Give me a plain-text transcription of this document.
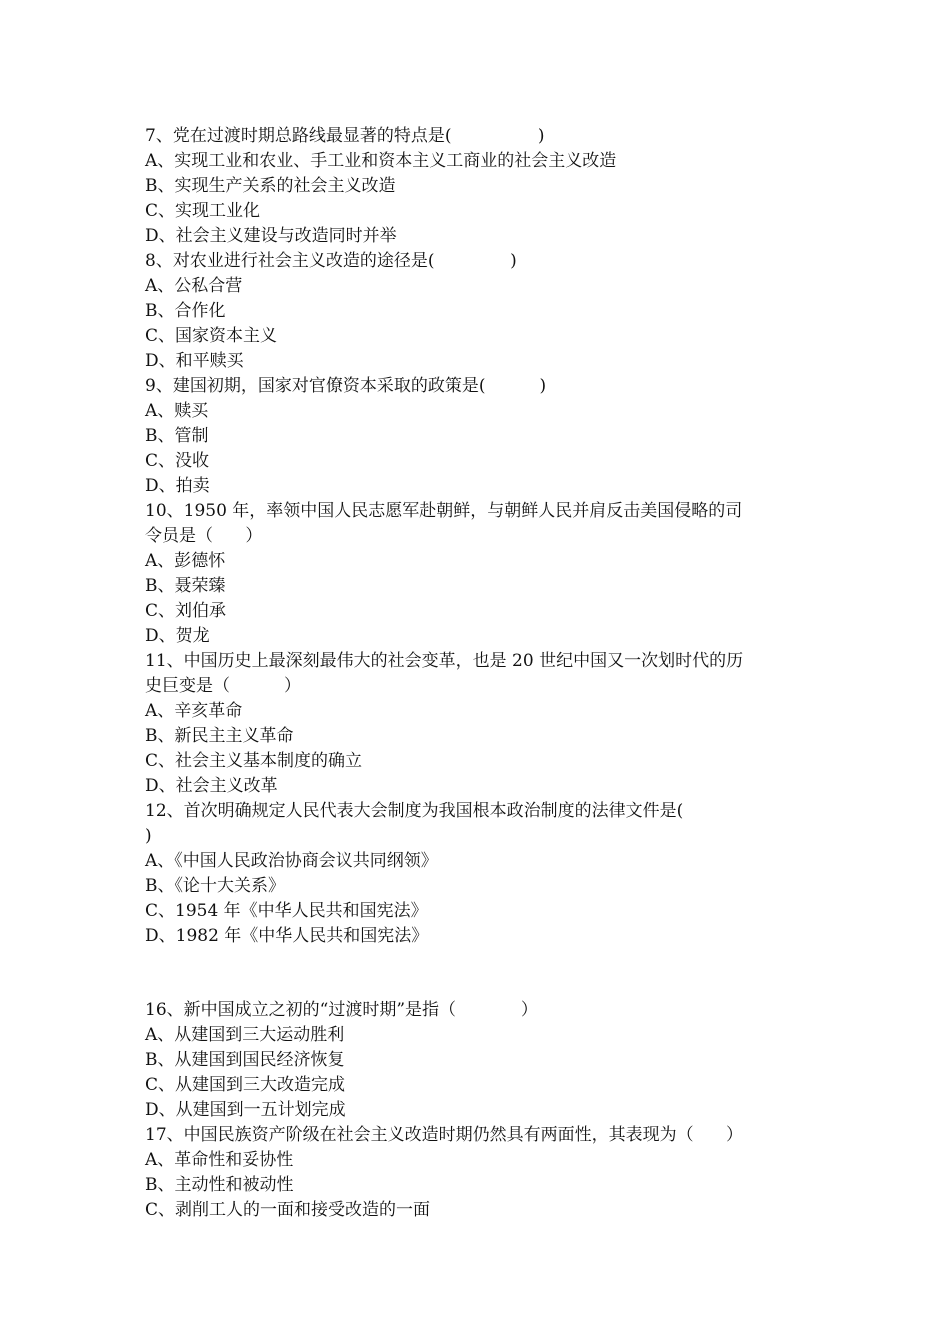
7、党在过渡时期总路线最显著的特点是(                )
A、实现工业和农业、手工业和资本主义工商业的社会主义改造
B、实现生产关系的社会主义改造
C、实现工业化
D、社会主义建设与改造同时并举
8、对农业进行社会主义改造的途径是(              )
A、公私合营
B、合作化
C、国家资本主义
D、和平赎买
9、建国初期，国家对官僚资本采取的政策是(          )
A、赎买
B、管制
C、没收
D、拍卖
10、1950 年，率领中国人民志愿军赴朝鲜，与朝鲜人民并肩反击美国侵略的司
令员是（      ）
A、彭德怀
B、聂荣臻
C、刘伯承
D、贺龙
11、中国历史上最深刻最伟大的社会变革，也是 20 世纪中国又一次划时代的历
史巨变是（          ）
A、辛亥革命
B、新民主主义革命
C、社会主义基本制度的确立
D、社会主义改革
12、首次明确规定人民代表大会制度为我国根本政治制度的法律文件是(
)
A、《中国人民政治协商会议共同纲领》
B、《论十大关系》
C、1954 年《中华人民共和国宪法》
D、1982 年《中华人民共和国宪法》
16、新中国成立之初的“过渡时期”是指（            ）
A、从建国到三大运动胜利
B、从建国到国民经济恢复
C、从建国到三大改造完成
D、从建国到一五计划完成
17、中国民族资产阶级在社会主义改造时期仍然具有两面性，其表现为（      ）
A、革命性和妥协性
B、主动性和被动性
C、剥削工人的一面和接受改造的一面
